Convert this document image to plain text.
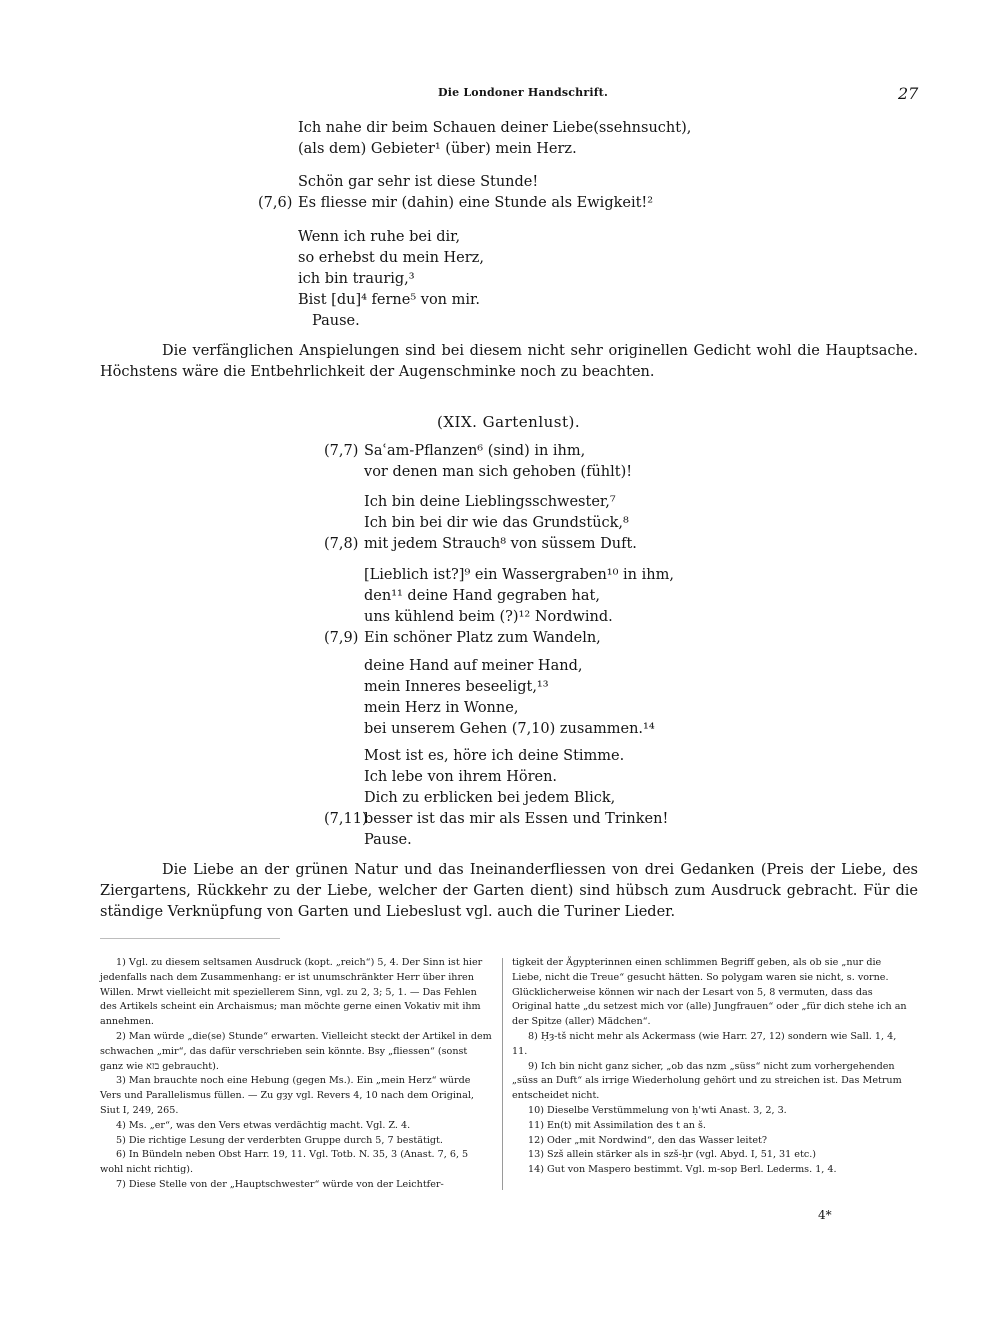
Die Londoner Handschrift.	27
Ich nahe dir beim Schauen deiner Liebe(ssehnsucht),
(als dem) Gebieter¹ (über) mein Herz.
Schön gar sehr ist diese Stunde!
(7,6) Es fliesse mir (dahin) eine Stunde als Ewigkeit!²
Wenn ich ruhe bei dir,
so erhebst du mein Herz,
ich bin traurig,³
Bist [du]⁴ ferne⁵ von mir.
Pause.

Die verfänglichen Anspielungen sind bei diesem nicht sehr originellen Gedicht wohl die Hauptsache. Höchstens wäre die Entbehrlichkeit der Augenschminke noch zu beachten.

(XIX. Gartenlust).
(7,7) Saʿam-Pflanzen⁶ (sind) in ihm,
vor denen man sich gehoben (fühlt)!
Ich bin deine Lieblingsschwester,⁷
Ich bin bei dir wie das Grundstück,⁸
(7,8) mit jedem Strauch⁸ von süssem Duft.
[Lieblich ist?]⁹ ein Wassergraben¹⁰ in ihm,
den¹¹ deine Hand gegraben hat,
uns kühlend beim (?)¹² Nordwind.
(7,9) Ein schöner Platz zum Wandeln,
deine Hand auf meiner Hand,
mein Inneres beseeligt,¹³
mein Herz in Wonne,
bei unserem Gehen (7,10) zusammen.¹⁴
Most ist es, höre ich deine Stimme.
Ich lebe von ihrem Hören.
Dich zu erblicken bei jedem Blick,
(7,11)
besser ist das mir als Essen und Trinken!
Pause.

Die Liebe an der grünen Natur und das Ineinanderfliessen von drei Gedanken (Preis der Liebe, des Ziergartens, Rückkehr zu der Liebe, welcher der Garten dient) sind hübsch zum Ausdruck gebracht. Für die ständige Verknüpfung von Garten und Liebeslust vgl. auch die Turiner Lieder.

1) Vgl. zu diesem seltsamen Ausdruck (kopt. „reich“) 5, 4. Der Sinn ist hier jedenfalls nach dem Zusammenhang: er ist unumschränkter Herr über ihren Willen. Mrwt vielleicht mit speziellerem Sinn, vgl. zu 2, 3; 5, 1. — Das Fehlen des Artikels scheint ein Archaismus; man möchte gerne einen Vokativ mit ihm annehmen.

2) Man würde „die(se) Stunde“ erwarten. Vielleicht steckt der Artikel in dem schwachen „mir“, das dafür verschrieben sein könnte. Bsy „fliessen“ (sonst ganz wie בזא gebraucht).

3) Man brauchte noch eine Hebung (gegen Ms.). Ein „mein Herz“ würde Vers und Parallelismus füllen. — Zu gȝy vgl. Revers 4, 10 nach dem Original, Siut I, 249, 265.

4) Ms. „er“, was den Vers etwas verdächtig macht. Vgl. Z. 4.

5) Die richtige Lesung der verderbten Gruppe durch 5, 7 bestätigt.

6) In Bündeln neben Obst Harr. 19, 11. Vgl. Totb. N. 35, 3 (Anast. 7, 6, 5 wohl nicht richtig).

7) Diese Stelle von der „Hauptschwester“ würde von der Leichtfer-

tigkeit der Ägypterinnen einen schlimmen Begriff geben, als ob sie „nur die Liebe, nicht die Treue“ gesucht hätten. So polygam waren sie nicht, s. vorne. Glücklicherweise können wir nach der Lesart von 5, 8 vermuten, dass das Original hatte „du setzest mich vor (alle) Jungfrauen“ oder „für dich stehe ich an der Spitze (aller) Mädchen“.

8) Ḥȝ-tš nicht mehr als Ackermass (wie Harr. 27, 12) sondern wie Sall. 1, 4, 11.

9) Ich bin nicht ganz sicher, „ob das nzm „süss“ nicht zum vorhergehenden „süss an Duft“ als irrige Wiederholung gehört und zu streichen ist. Das Metrum entscheidet nicht.

10) Dieselbe Verstümmelung von ḥʿwti Anast. 3, 2, 3.

11) En(t) mit Assimilation des t an š.

12) Oder „mit Nordwind“, den das Wasser leitet?

13) Szš allein stärker als in szš-ḥr (vgl. Abyd. I, 51, 31 etc.)

14) Gut von Maspero bestimmt. Vgl. m-sop Berl. Lederms. 1, 4.

4*
